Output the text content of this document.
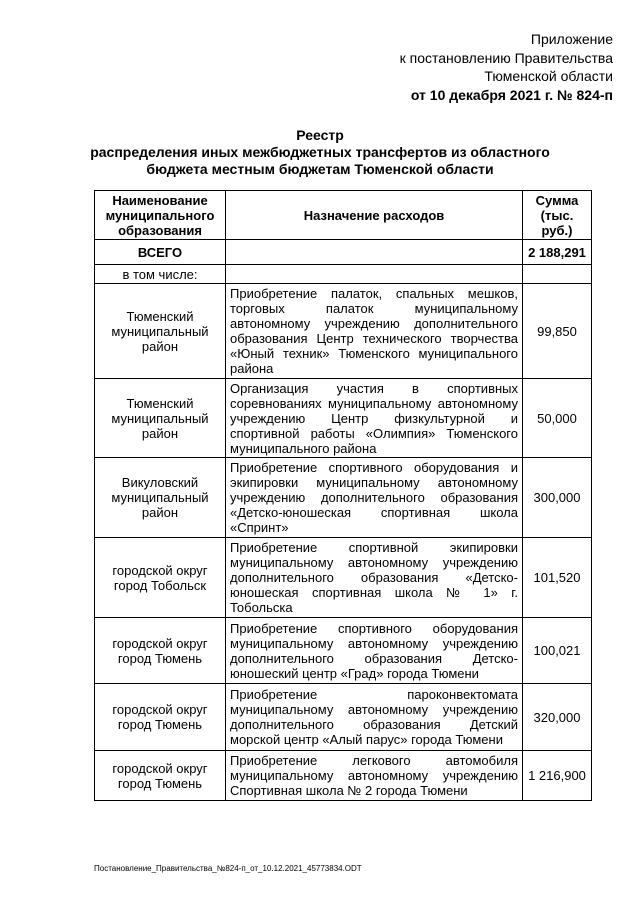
Приложение
к постановлению Правительства
Тюменской области
от 10 декабря 2021 г. № 824-п
Реестр
распределения иных межбюджетных трансфертов из областного
бюджета местным бюджетам Тюменской области
Наименование муниципального образования	Назначение расходов	Сумма (тыс. руб.)
ВСЕГО		2 188,291
в том числе:		
Тюменский муниципальный район	Приобретение палаток, спальных мешков, торговых палаток муниципальному автономному учреждению дополнительного образования Центр технического творчества «Юный техник» Тюменского муниципального района	99,850
Тюменский муниципальный район	Организация участия в спортивных соревнованиях муниципальному автономному учреждению Центр физкультурной и спортивной работы «Олимпия» Тюменского муниципального района	50,000
Викуловский муниципальный район	Приобретение спортивного оборудования и экипировки муниципальному автономному учреждению дополнительного образования «Детско-юношеская спортивная школа «Спринт»	300,000
городской округ город Тобольск	Приобретение спортивной экипировки муниципальному автономному учреждению дополнительного образования «Детско-юношеская спортивная школа № 1» г. Тобольска	101,520
городской округ город Тюмень	Приобретение спортивного оборудования муниципальному автономному учреждению дополнительного образования Детско-юношеский центр «Град» города Тюмени	100,021
городской округ город Тюмень	Приобретение пароконвектомата муниципальному автономному учреждению дополнительного образования Детский морской центр «Алый парус» города Тюмени	320,000
городской округ город Тюмень	Приобретение легкового автомобиля муниципальному автономному учреждению Спортивная школа № 2 города Тюмени	1 216,900
Постановление_Правительства_№824-п_от_10.12.2021_45773834.ODT
